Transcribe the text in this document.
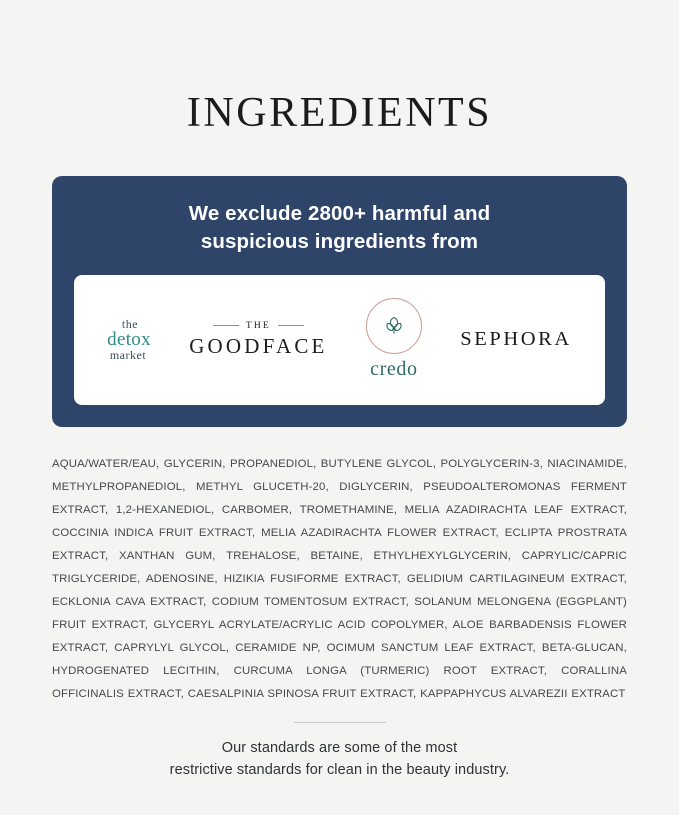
INGREDIENTS
We exclude 2800+ harmful and suspicious ingredients from
the
detox
market
THE
GOODFACE
credo
SEPHORA
AQUA/WATER/EAU, GLYCERIN, PROPANEDIOL, BUTYLENE GLYCOL, POLYGLYCERIN-3, NIACINAMIDE, METHYLPROPANEDIOL, METHYL GLUCETH-20, DIGLYCERIN, PSEUDOALTEROMONAS FERMENT EXTRACT, 1,2-HEXANEDIOL, CARBOMER, TROMETHAMINE, MELIA AZADIRACHTA LEAF EXTRACT, COCCINIA INDICA FRUIT EXTRACT, MELIA AZADIRACHTA FLOWER EXTRACT, ECLIPTA PROSTRATA EXTRACT, XANTHAN GUM, TREHALOSE, BETAINE, ETHYLHEXYLGLYCERIN, CAPRYLIC/CAPRIC TRIGLYCERIDE, ADENOSINE, HIZIKIA FUSIFORME EXTRACT, GELIDIUM CARTILAGINEUM EXTRACT, ECKLONIA CAVA EXTRACT, CODIUM TOMENTOSUM EXTRACT, SOLANUM MELONGENA (EGGPLANT) FRUIT EXTRACT, GLYCERYL ACRYLATE/ACRYLIC ACID COPOLYMER, ALOE BARBADENSIS FLOWER EXTRACT, CAPRYLYL GLYCOL, CERAMIDE NP, OCIMUM SANCTUM LEAF EXTRACT, BETA-GLUCAN, HYDROGENATED LECITHIN, CURCUMA LONGA (TURMERIC) ROOT EXTRACT, CORALLINA OFFICINALIS EXTRACT, CAESALPINIA SPINOSA FRUIT EXTRACT, KAPPAPHYCUS ALVAREZII EXTRACT
Our standards are some of the most
restrictive standards for clean in the beauty industry.
